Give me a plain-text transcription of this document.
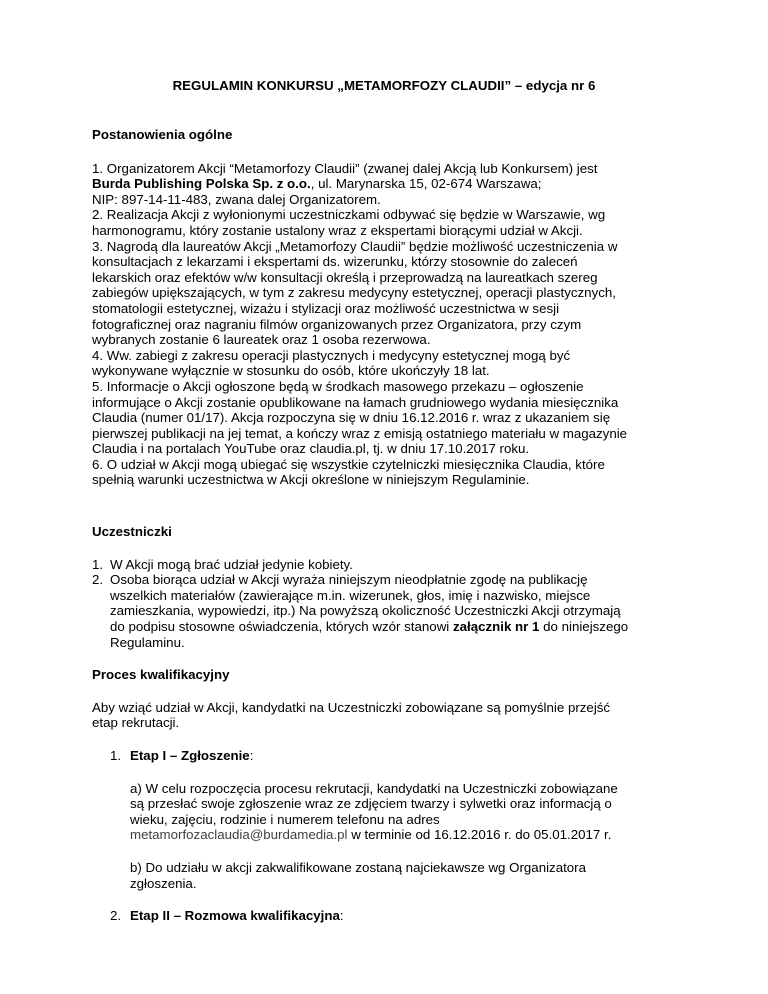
REGULAMIN KONKURSU „METAMORFOZY CLAUDII” – edycja nr 6

Postanowienia ogólne

1. Organizatorem Akcji “Metamorfozy Claudii” (zwanej dalej Akcją lub Konkursem) jest

Burda Publishing Polska Sp. z o.o., ul. Marynarska 15, 02-674 Warszawa;

NIP: 897-14-11-483, zwana dalej Organizatorem.

2. Realizacja Akcji z wyłonionymi uczestniczkami odbywać się będzie w Warszawie, wg

harmonogramu, który zostanie ustalony wraz z ekspertami biorącymi udział w Akcji.

3. Nagrodą dla laureatów Akcji „Metamorfozy Claudii” będzie możliwość uczestniczenia w

konsultacjach z lekarzami i ekspertami ds. wizerunku, którzy stosownie do zaleceń

lekarskich oraz efektów w/w konsultacji określą i przeprowadzą na laureatkach szereg

zabiegów upiększających, w tym z zakresu medycyny estetycznej, operacji plastycznych,

stomatologii estetycznej, wizażu i stylizacji oraz możliwość uczestnictwa w sesji

fotograficznej oraz nagraniu filmów organizowanych przez Organizatora, przy czym

wybranych zostanie 6 laureatek oraz 1 osoba rezerwowa.

4. Ww. zabiegi z zakresu operacji plastycznych i medycyny estetycznej mogą być

wykonywane wyłącznie w stosunku do osób, które ukończyły 18 lat.

5. Informacje o Akcji ogłoszone będą w środkach masowego przekazu – ogłoszenie

informujące o Akcji zostanie opublikowane na łamach grudniowego wydania miesięcznika

Claudia (numer 01/17). Akcja rozpoczyna się w dniu 16.12.2016 r. wraz z ukazaniem się

pierwszej publikacji na jej temat, a kończy wraz z emisją ostatniego materiału w magazynie

Claudia i na portalach YouTube oraz claudia.pl, tj. w dniu 17.10.2017 roku.

6. O udział w Akcji mogą ubiegać się wszystkie czytelniczki miesięcznika Claudia, które

spełnią warunki uczestnictwa w Akcji określone w niniejszym Regulaminie.

Uczestniczki

1. W Akcji mogą brać udział jedynie kobiety.
2. Osoba biorąca udział w Akcji wyraża niniejszym nieodpłatnie zgodę na publikację
wszelkich materiałów (zawierające m.in. wizerunek, głos, imię i nazwisko, miejsce
zamieszkania, wypowiedzi, itp.) Na powyższą okoliczność Uczestniczki Akcji otrzymają
do podpisu stosowne oświadczenia, których wzór stanowi załącznik nr 1 do niniejszego
Regulaminu.

Proces kwalifikacyjny

Aby wziąć udział w Akcji, kandydatki na Uczestniczki zobowiązane są pomyślnie przejść

etap rekrutacji.

1. Etap I – Zgłoszenie:

a) W celu rozpoczęcia procesu rekrutacji, kandydatki na Uczestniczki zobowiązane

są przesłać swoje zgłoszenie wraz ze zdjęciem twarzy i sylwetki oraz informacją o

wieku, zajęciu, rodzinie i numerem telefonu na adres

metamorfozaclaudia@burdamedia.pl w terminie od 16.12.2016 r. do 05.01.2017 r.

b) Do udziału w akcji zakwalifikowane zostaną najciekawsze wg Organizatora

zgłoszenia.

2. Etap II – Rozmowa kwalifikacyjna:
